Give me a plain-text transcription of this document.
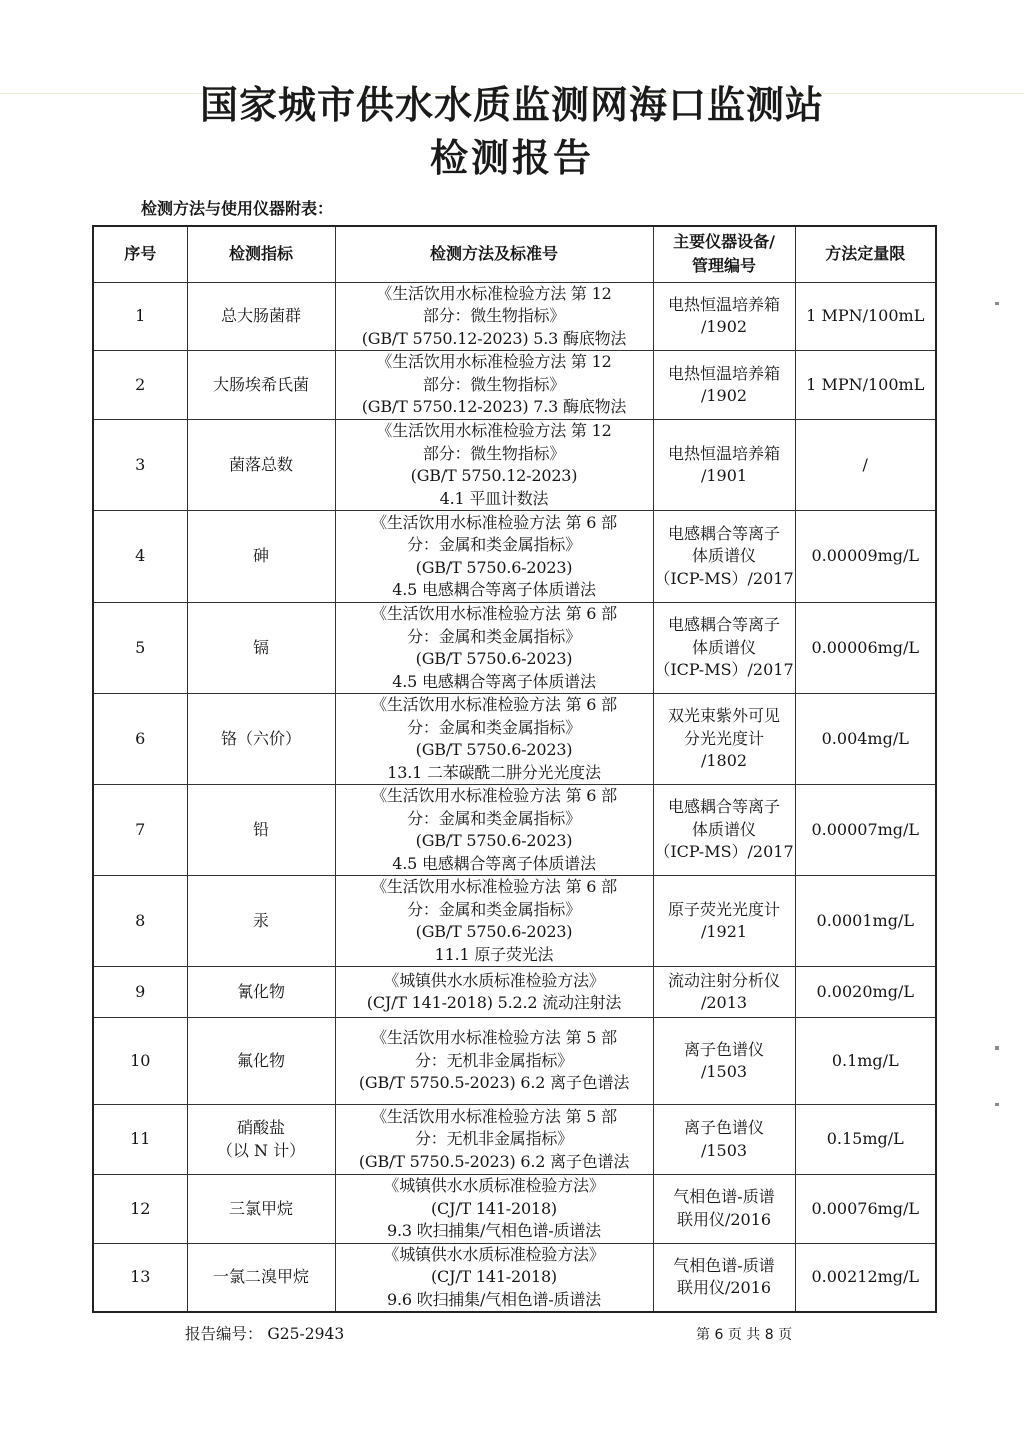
国家城市供水水质监测网海口监测站
检测报告
检测方法与使用仪器附表：
序号	检测指标	检测方法及标准号	主要仪器设备/
管理编号	方法定量限
1	总大肠菌群	《生活饮用水标准检验方法 第 12
部分：微生物指标》
(GB/T 5750.12-2023) 5.3 酶底物法	电热恒温培养箱
/1902	1 MPN/100mL
2	大肠埃希氏菌	《生活饮用水标准检验方法 第 12
部分：微生物指标》
(GB/T 5750.12-2023) 7.3 酶底物法	电热恒温培养箱
/1902	1 MPN/100mL
3	菌落总数	《生活饮用水标准检验方法 第 12
部分：微生物指标》
(GB/T 5750.12-2023)
4.1 平皿计数法	电热恒温培养箱
/1901	/
4	砷	《生活饮用水标准检验方法 第 6 部
分：金属和类金属指标》
(GB/T 5750.6-2023)
4.5 电感耦合等离子体质谱法	电感耦合等离子
体质谱仪
（ICP-MS）/2017	0.00009mg/L
5	镉	《生活饮用水标准检验方法 第 6 部
分：金属和类金属指标》
(GB/T 5750.6-2023)
4.5 电感耦合等离子体质谱法	电感耦合等离子
体质谱仪
（ICP-MS）/2017	0.00006mg/L
6	铬（六价）	《生活饮用水标准检验方法 第 6 部
分：金属和类金属指标》
(GB/T 5750.6-2023)
13.1 二苯碳酰二肼分光光度法	双光束紫外可见
分光光度计
/1802	0.004mg/L
7	铅	《生活饮用水标准检验方法 第 6 部
分：金属和类金属指标》
(GB/T 5750.6-2023)
4.5 电感耦合等离子体质谱法	电感耦合等离子
体质谱仪
（ICP-MS）/2017	0.00007mg/L
8	汞	《生活饮用水标准检验方法 第 6 部
分：金属和类金属指标》
(GB/T 5750.6-2023)
11.1 原子荧光法	原子荧光光度计
/1921	0.0001mg/L
9	氰化物	《城镇供水水质标准检验方法》
(CJ/T 141-2018) 5.2.2 流动注射法	流动注射分析仪
/2013	0.0020mg/L
10	氟化物	《生活饮用水标准检验方法 第 5 部
分：无机非金属指标》
(GB/T 5750.5-2023) 6.2 离子色谱法	离子色谱仪
/1503	0.1mg/L
11	硝酸盐
（以 N 计）	《生活饮用水标准检验方法 第 5 部
分：无机非金属指标》
(GB/T 5750.5-2023) 6.2 离子色谱法	离子色谱仪
/1503	0.15mg/L
12	三氯甲烷	《城镇供水水质标准检验方法》
(CJ/T 141-2018)
9.3 吹扫捕集/气相色谱-质谱法	气相色谱-质谱
联用仪/2016	0.00076mg/L
13	一氯二溴甲烷	《城镇供水水质标准检验方法》
(CJ/T 141-2018)
9.6 吹扫捕集/气相色谱-质谱法	气相色谱-质谱
联用仪/2016	0.00212mg/L
报告编号： G25-2943	第 6 页 共 8 页
